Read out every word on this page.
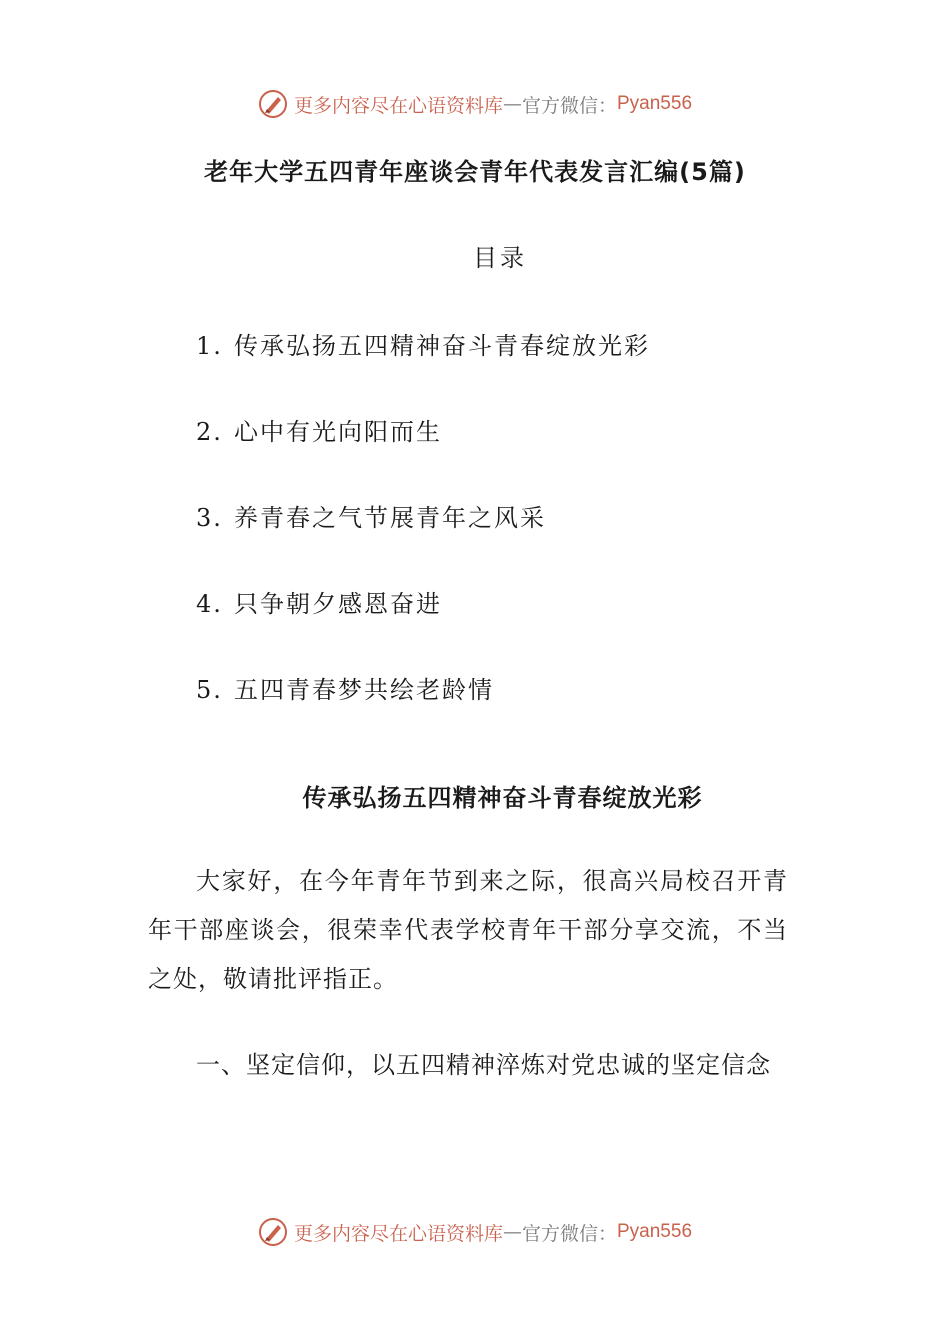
更多内容尽在心语资料库 — 官方微信： Pyan556
老年大学五四青年座谈会青年代表发言汇编(5篇)
目录
1. 传承弘扬五四精神奋斗青春绽放光彩
2. 心中有光向阳而生
3. 养青春之气节展青年之风采
4. 只争朝夕感恩奋进
5. 五四青春梦共绘老龄情
传承弘扬五四精神奋斗青春绽放光彩
大家好，在今年青年节到来之际，很高兴局校召开青年干部座谈会，很荣幸代表学校青年干部分享交流，不当之处，敬请批评指正。
一、坚定信仰，以五四精神淬炼对党忠诚的坚定信念
更多内容尽在心语资料库 — 官方微信： Pyan556
